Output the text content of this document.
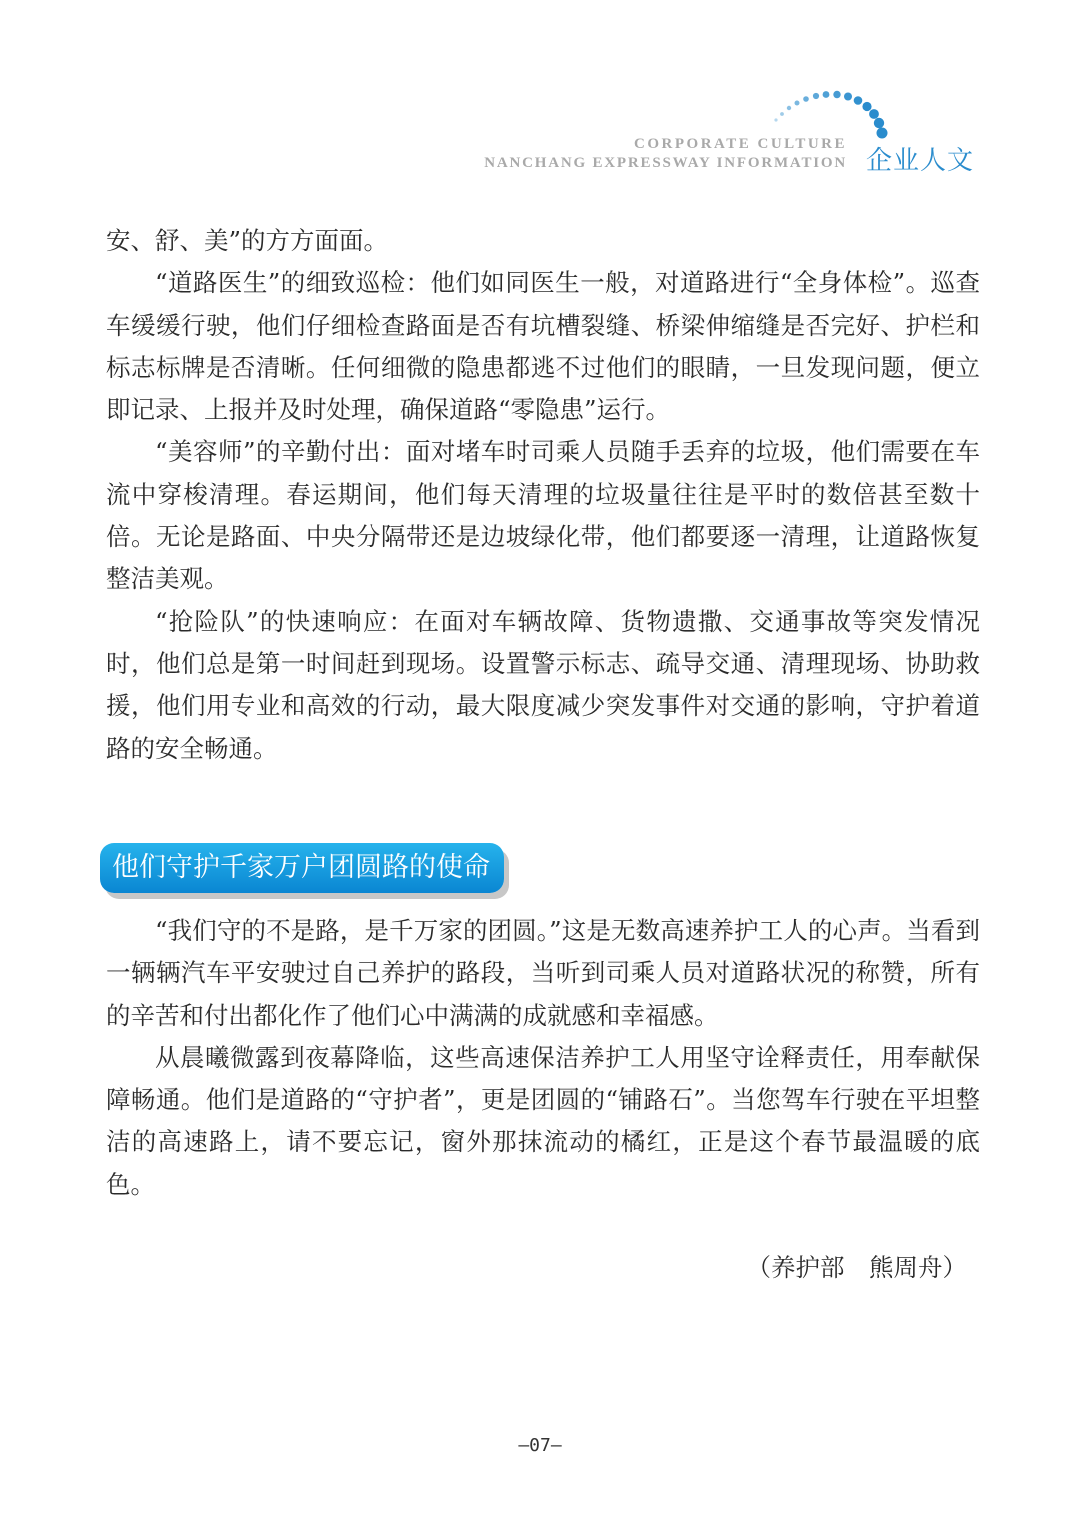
CORPORATE CULTURE
NANCHANG EXPRESSWAY INFORMATION 企业人文

安、舒、美”的方方面面。

“道路医生”的细致巡检：他们如同医生一般，对道路进行“全身体检”。巡查车缓缓行驶，他们仔细检查路面是否有坑槽裂缝、桥梁伸缩缝是否完好、护栏和标志标牌是否清晰。任何细微的隐患都逃不过他们的眼睛，一旦发现问题，便立即记录、上报并及时处理，确保道路“零隐患”运行。

“美容师”的辛勤付出：面对堵车时司乘人员随手丢弃的垃圾，他们需要在车流中穿梭清理。春运期间，他们每天清理的垃圾量往往是平时的数倍甚至数十倍。无论是路面、中央分隔带还是边坡绿化带，他们都要逐一清理，让道路恢复整洁美观。

“抢险队”的快速响应：在面对车辆故障、货物遗撒、交通事故等突发情况时，他们总是第一时间赶到现场。设置警示标志、疏导交通、清理现场、协助救援，他们用专业和高效的行动，最大限度减少突发事件对交通的影响，守护着道路的安全畅通。

他们守护千家万户团圆路的使命

“我们守的不是路，是千万家的团圆。”这是无数高速养护工人的心声。当看到一辆辆汽车平安驶过自己养护的路段，当听到司乘人员对道路状况的称赞，所有的辛苦和付出都化作了他们心中满满的成就感和幸福感。

从晨曦微露到夜幕降临，这些高速保洁养护工人用坚守诠释责任，用奉献保障畅通。他们是道路的“守护者”，更是团圆的“铺路石”。当您驾车行驶在平坦整洁的高速路上，请不要忘记，窗外那抹流动的橘红，正是这个春节最温暖的底色。

（养护部　熊周舟）
—07—
